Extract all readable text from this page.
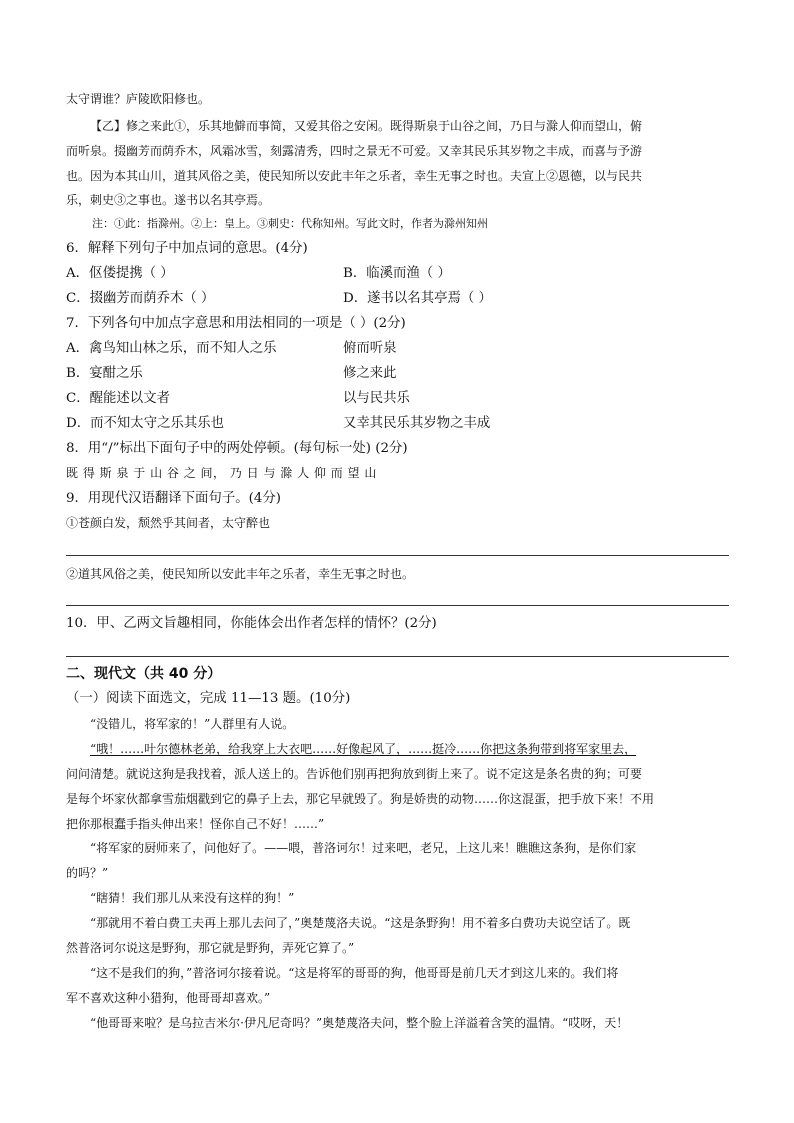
太守谓谁？庐陵欧阳修也。
【乙】修之来此①，乐其地僻而事简，又爱其俗之安闲。既得斯泉于山谷之间，乃日与滁人仰而望山，俯
而听泉。掇幽芳而荫乔木，风霜冰雪，刻露清秀，四时之景无不可爱。又幸其民乐其岁物之丰成，而喜与予游
也。因为本其山川，道其风俗之美，使民知所以安此丰年之乐者，幸生无事之时也。夫宣上②恩德，以与民共
乐，刺史③之事也。遂书以名其亭焉。
注：①此：指滁州。②上：皇上。③刺史：代称知州。写此文时，作者为滁州知州
6．解释下列句子中加点词的意思。(4分)
A．伛偻提携（ ）	B．临溪而渔（ ）
C．掇幽芳而荫乔木（ ）	D．遂书以名其亭焉（ ）
7．下列各句中加点字意思和用法相同的一项是（ ）(2分)
A．禽鸟知山林之乐，而不知人之乐	俯而听泉
B．宴酣之乐	修之来此
C．醒能述以文者	以与民共乐
D．而不知太守之乐其乐也	又幸其民乐其岁物之丰成
8．用“/”标出下面句子中的两处停顿。(每句标一处) (2分)
既 得 斯 泉 于 山 谷 之 间， 乃 日 与 滁 人 仰 而 望 山
9．用现代汉语翻译下面句子。(4分)
①苍颜白发，颓然乎其间者，太守醉也
②道其风俗之美，使民知所以安此丰年之乐者，幸生无事之时也。
10．甲、乙两文旨趣相同，你能体会出作者怎样的情怀？(2分)
二、现代文（共 40 分）
（一）阅读下面选文，完成 11—13 题。(10分)
“没错儿，将军家的！”人群里有人说。
“哦！……叶尔德林老弟，给我穿上大衣吧……好像起风了，……挺冷……你把这条狗带到将军家里去，
问问清楚。就说这狗是我找着，派人送上的。告诉他们别再把狗放到街上来了。说不定这是条名贵的狗；可要
是每个坏家伙都拿雪茄烟戳到它的鼻子上去，那它早就毁了。狗是娇贵的动物……你这混蛋，把手放下来！不用
把你那根蠢手指头伸出来！怪你自己不好！……”
“将军家的厨师来了，问他好了。——喂，普洛诃尔！过来吧，老兄，上这儿来！瞧瞧这条狗，是你们家
的吗？”
“瞎猜！我们那儿从来没有这样的狗！”
“那就用不着白费工夫再上那儿去问了，”奥楚蔑洛夫说。“这是条野狗！用不着多白费功夫说空话了。既
然普洛诃尔说这是野狗，那它就是野狗，弄死它算了。”
“这不是我们的狗，”普洛诃尔接着说。“这是将军的哥哥的狗，他哥哥是前几天才到这儿来的。我们将
军不喜欢这种小猎狗，他哥哥却喜欢。”
“他哥哥来啦？是乌拉吉米尔·伊凡尼奇吗？”奥楚蔑洛夫问，整个脸上洋溢着含笑的温情。“哎呀，天！
